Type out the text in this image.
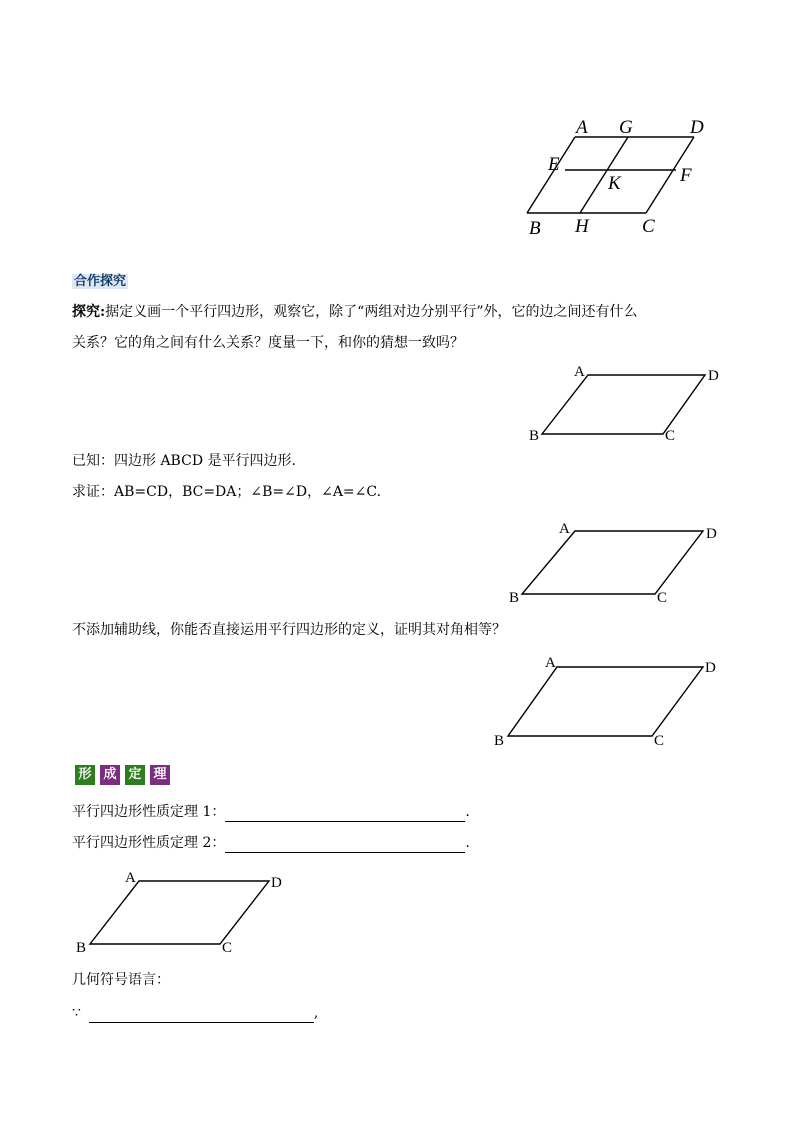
A G	D
E
K	F
B H	C
合作探究
探究:据定义画一个平行四边形，观察它，除了“两组对边分别平行”外，它的边之间还有什么
关系？它的角之间有什么关系？度量一下，和你的猜想一致吗？
A	D
B	C
已知：四边形 ABCD 是平行四边形.
求证：AB=CD，BC=DA；∠B=∠D，∠A=∠C.
A	D
B	C
不添加辅助线，你能否直接运用平行四边形的定义，证明其对角相等？
A	D
B	C
形 成 定 理
平行四边形性质定理 1：	.
平行四边形性质定理 2：	.
A	D
B	C
几何符号语言：
∵	,
